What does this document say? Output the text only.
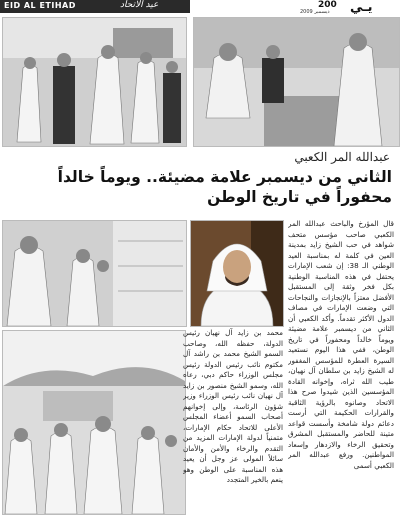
EID AL ETIHAD	عيد الاتحاد	200
2009 ديسمبر يـي
عبدالله المر الكعبي
الثاني من ديسمبر علامة مضيئة.. ويوماً خالداً
محفوراً في تاريخ الوطن
قال المؤرخ والباحث عبدالله المر الكعبي صاحب مؤسس متحف شواهد في حب الشيخ زايد بمدينة العين في كلمة له بمناسبة العيد الوطني الـ 38: إن شعب الإمارات يحتفل في هذه المناسبة الوطنية بكل فخر وثقة إلى المستقبل الأفضل معتزاً بالإنجازات والنجاحات التي وضعت الإمارات في مصاف الدول الأكثر تقدماً. وأكد الكعبي أن الثاني من ديسمبر علامة مضيئة ويوماً خالداً ومحفوراً في تاريخ الوطن، ففي هذا اليوم نستعيد السيرة العطرة للمؤسس المغفور له الشيخ زايد بن سلطان آل نهيان، طيب الله ثراه، وإخوانه القادة المؤسسين الذين شيدوا صرح هذا الاتحاد وصانوه بالرؤية الثاقبة والقرارات الحكيمة التي أرست دعائم دولة شامخة وأسست قواعد متينة للحاضر والمستقبل المشرق وتحقيق الرخاء والازدهار وإسعاد المواطنين. ورفع عبدالله المر الكعبي أسمى
محمد بن زايد آل نهيان رئيس الدولة، حفظه الله، وصاحب السمو الشيخ محمد بن راشد آل مكتوم نائب رئيس الدولة رئيس مجلس الوزراء حاكم دبي، رعاه الله، وسمو الشيخ منصور بن زايد آل نهيان نائب رئيس الوزراء وزير شؤون الرئاسة، وإلى إخوانهم أصحاب السمو أعضاء المجلس الأعلى للاتحاد حكام الإمارات، متمنياً لدولة الإمارات المزيد من التقدم والرخاء والأمن والأمان سائلاً المولى عز وجل أن يعيد هذه المناسبة على الوطن وهو ينعم بالخير المتجدد
